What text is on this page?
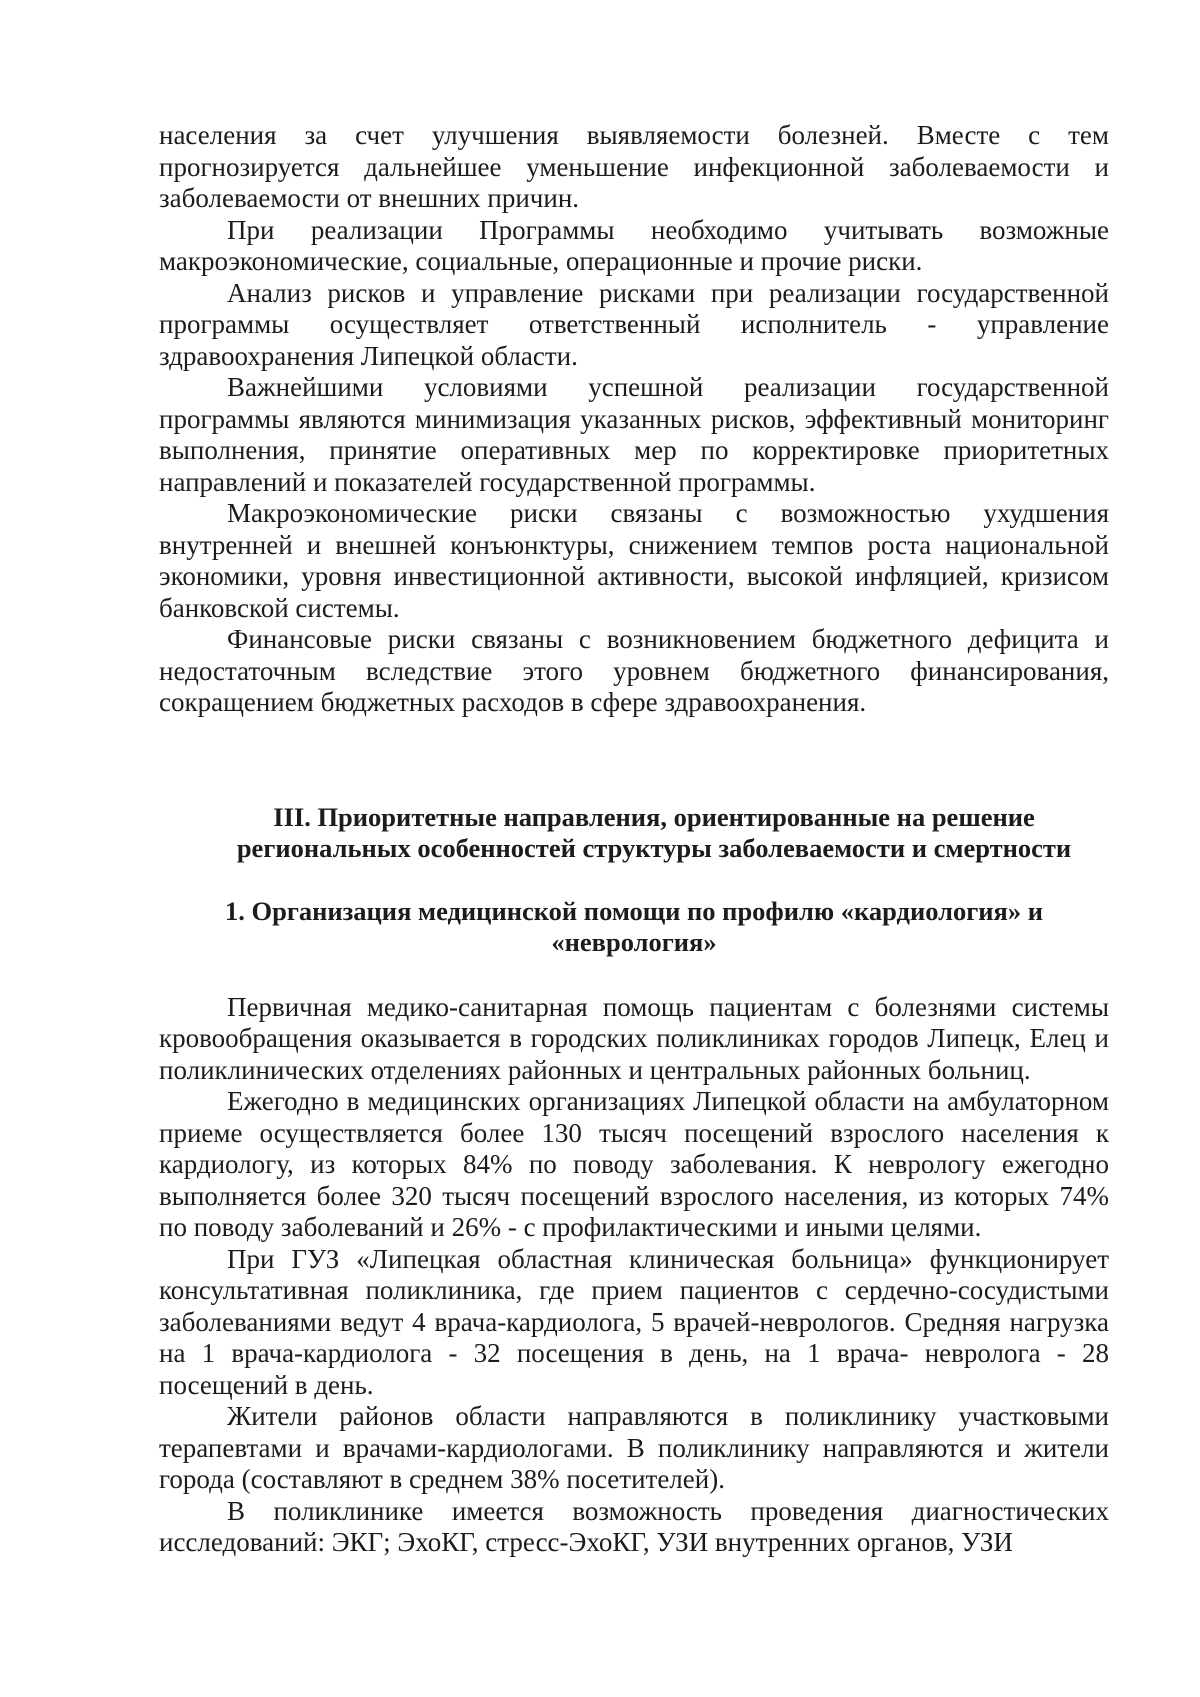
населения за счет улучшения выявляемости болезней. Вместе с тем прогнозируется дальнейшее уменьшение инфекционной заболеваемости и заболеваемости от внешних причин.

При реализации Программы необходимо учитывать возможные макроэкономические, социальные, операционные и прочие риски.

Анализ рисков и управление рисками при реализации государственной программы осуществляет ответственный исполнитель - управление здравоохранения Липецкой области.

Важнейшими условиями успешной реализации государственной программы являются минимизация указанных рисков, эффективный мониторинг выполнения, принятие оперативных мер по корректировке приоритетных направлений и показателей государственной программы.

Макроэкономические риски связаны с возможностью ухудшения внутренней и внешней конъюнктуры, снижением темпов роста национальной экономики, уровня инвестиционной активности, высокой инфляцией, кризисом банковской системы.

Финансовые риски связаны с возникновением бюджетного дефицита и недостаточным вследствие этого уровнем бюджетного финансирования, сокращением бюджетных расходов в сфере здравоохранения.

III. Приоритетные направления, ориентированные на решение
региональных особенностей структуры заболеваемости и смертности
1. Организация медицинской помощи по профилю «кардиология» и
«неврология»

Первичная медико-санитарная помощь пациентам с болезнями системы кровообращения оказывается в городских поликлиниках городов Липецк, Елец и поликлинических отделениях районных и центральных районных больниц.

Ежегодно в медицинских организациях Липецкой области на амбулаторном приеме осуществляется более 130 тысяч посещений взрослого населения к кардиологу, из которых 84% по поводу заболевания. К неврологу ежегодно выполняется более 320 тысяч посещений взрослого населения, из которых 74% по поводу заболеваний и 26% - с профилактическими и иными целями.

При ГУЗ «Липецкая областная клиническая больница» функционирует консультативная поликлиника, где прием пациентов с сердечно-сосудистыми заболеваниями ведут 4 врача-кардиолога, 5 врачей-неврологов. Средняя нагрузка на 1 врача-кардиолога - 32 посещения в день, на 1 врача- невролога - 28 посещений в день.

Жители районов области направляются в поликлинику участковыми терапевтами и врачами-кардиологами. В поликлинику направляются и жители города (составляют в среднем 38% посетителей).

В поликлинике имеется возможность проведения диагностических исследований: ЭКГ; ЭхоКГ, стресс-ЭхоКГ, УЗИ внутренних органов, УЗИ
